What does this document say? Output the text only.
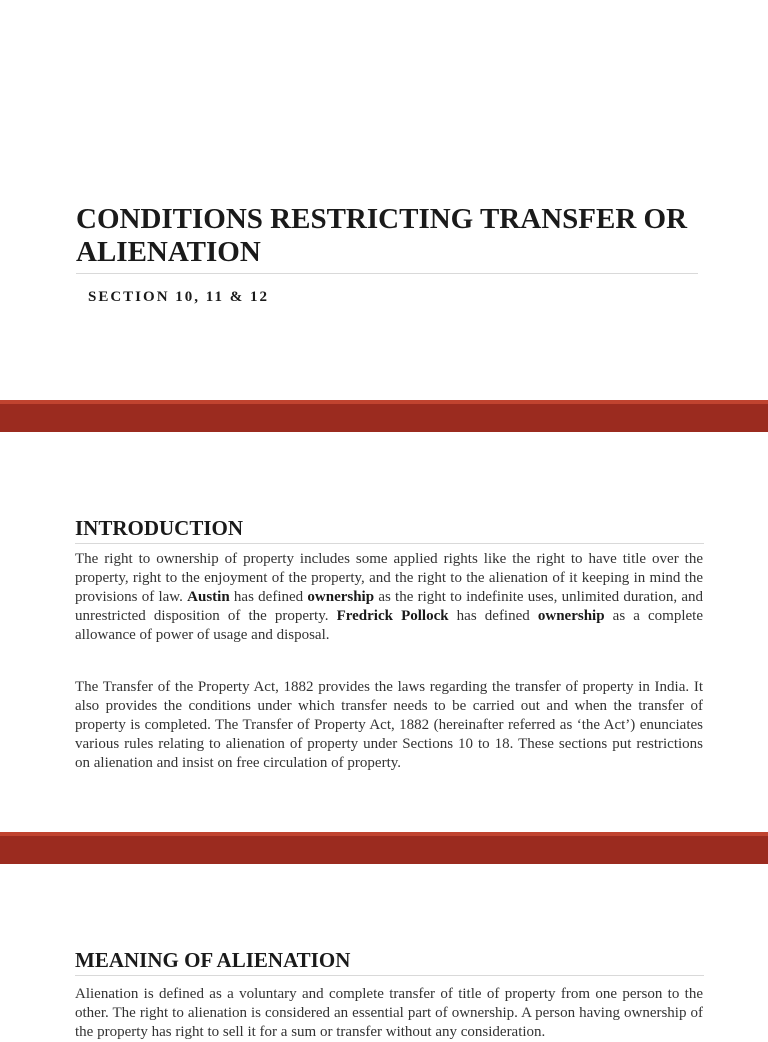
CONDITIONS RESTRICTING TRANSFER OR ALIENATION
SECTION 10, 11 & 12
INTRODUCTION
The right to ownership of property includes some applied rights like the right to have title over the property, right to the enjoyment of the property, and the right to the alienation of it keeping in mind the provisions of law. Austin has defined ownership as the right to indefinite uses, unlimited duration, and unrestricted disposition of the property. Fredrick Pollock has defined ownership as a complete allowance of power of usage and disposal.
The Transfer of the Property Act, 1882 provides the laws regarding the transfer of property in India. It also provides the conditions under which transfer needs to be carried out and when the transfer of property is completed. The Transfer of Property Act, 1882 (hereinafter referred as ‘the Act’) enunciates various rules relating to alienation of property under Sections 10 to 18. These sections put restrictions on alienation and insist on free circulation of property.
MEANING OF ALIENATION
Alienation is defined as a voluntary and complete transfer of title of property from one person to the other. The right to alienation is considered an essential part of ownership. A person having ownership of the property has right to sell it for a sum or transfer without any consideration.
